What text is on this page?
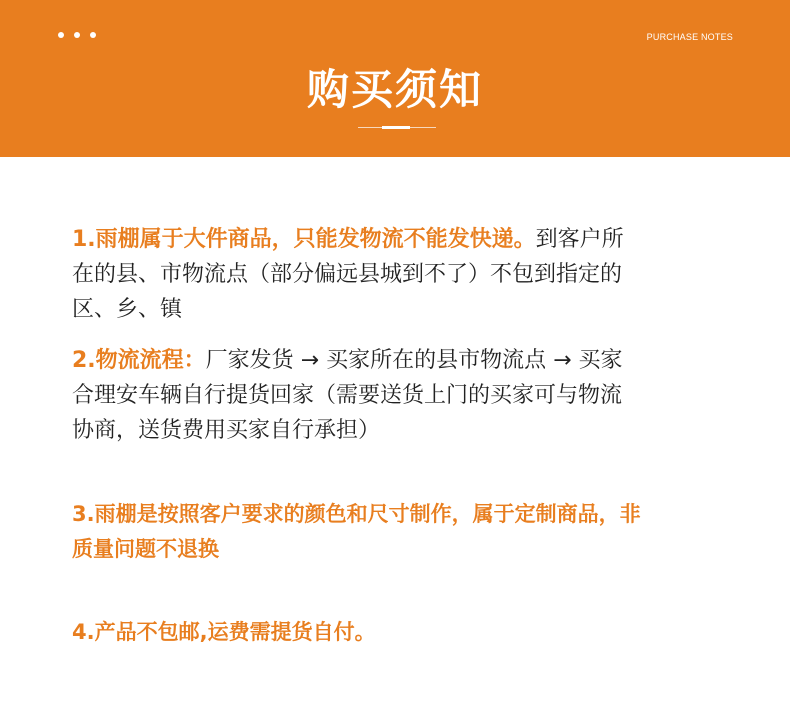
PURCHASE NOTES
购买须知
1.雨棚属于大件商品，只能发物流不能发快递。到客户所
在的县、市物流点（部分偏远县城到不了）不包到指定的
区、乡、镇
2.物流流程：厂家发货 → 买家所在的县市物流点 → 买家
合理安车辆自行提货回家（需要送货上门的买家可与物流
协商，送货费用买家自行承担）
3.雨棚是按照客户要求的颜色和尺寸制作，属于定制商品，非
质量问题不退换
4.产品不包邮,运费需提货自付。
